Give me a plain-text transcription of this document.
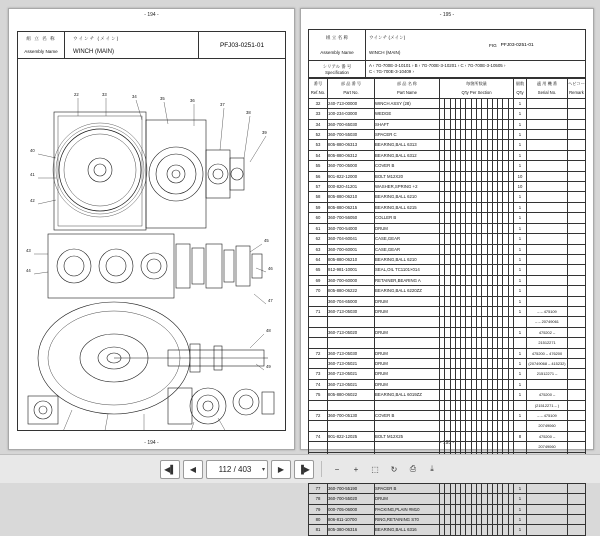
- 194 -
- 194 -
組 立 名 称
Assembly Name
ウインチ (メイン)
WINCH (MAIN)
PFJ03-0251-01
22	33	34	35	36
37
38
39
40
41
42
43
44
45
46
47
48
49
- 195 -
- 195 -
組 立 名 称
Assembly Name
ウインチ (メイン)
WINCH (MAIN)
FIG PFJ03-0251-01
シリアル 番 号
Specification
A ‹ 7G-700E-3-10101 › B ‹ 7G-700E-3-10201 › C ‹ 7G-700E-3-10505 ›
C ‹ 7G-700E-3-10409 ›
番号
Ref.No.	部 品 番 号
Part No.	部 品 名 称
Part Name	毎箇所数量
Q'ty Per Section														個数
Q'ty	適 用 機 番
Serial No.	ヘビコー
Remark
32	240-713-00000	WINCH ASSY (28)															1		
33	100-234-03000	WEDGE															1		
34	360-700-65030	SHAFT															1		
52	360-700-55030	SPACER C															1		
53	805-880-06313	BEARING,BALL 6313															1		
54	805-880-06312	BEARING,BALL 6312															1		
55	360-700-05000	COVER B															1		
56	901-822-12000	BOLT M12X20															10		
57	000-820-41201	WASHER,SPRING +2															10		
58	805-880-06210	BEARING,BALL 6210															1		
59	805-880-06215	BEARING,BALL 6215															1		
60	360-700-56050	COLLER B															1		
61	360-700-54000	DRUM															1		
62	360-704-60041	CASE,GEAR															1		
63	360-700-60001	CASE,GEAR															1		
64	805-880-06210	BEARING,BALL 6210															1		
65	912-981-10001	SEAL,OIL TC1101×014															1		
69	360-700-60000	RETAINER,BEARING A															1		
70	805-880-06222	BEARING,BALL 6220ZZ															1		
	360-704-65000	DRUM															1		
71	360-713-05030	DRUM															1	– – 475109	
																		– – 20749061	
	360-713-05020	DRUM															1	475202 –	
																		21512271	
72	360-713-05030	DRUM															1	475200 – 476200	
	360-713-05021	DRUM															1	(20749068 – 415232)	
73	360-713-05021	DRUM															1	21512271 –	
74	360-713-05021	DRUM															1		
75	805-880-06022	BEARING,BALL 6019ZZ															1	475200 –	
																		(21512271 – )	
72	360-700-05130	COVER B															1	– – 475109	
																		20749060	
74	901-822-12025	BOLT M12X25															8	475200 –	
																		20749060	

77	360-700-55190	SPACER B															1		
78	360-700-55020	DRUM															1		
79	000-705-06000	PACKING,PLAIN #M10															1		
80	806-811-10700	RING,RETAINING S70															1		
81	805-380-06316	BEARING,BALL 6316															1		
◀▌	◀
112 / 403	▾	▶	▐▶	−	+	⬚	↻	⎙	⤓
